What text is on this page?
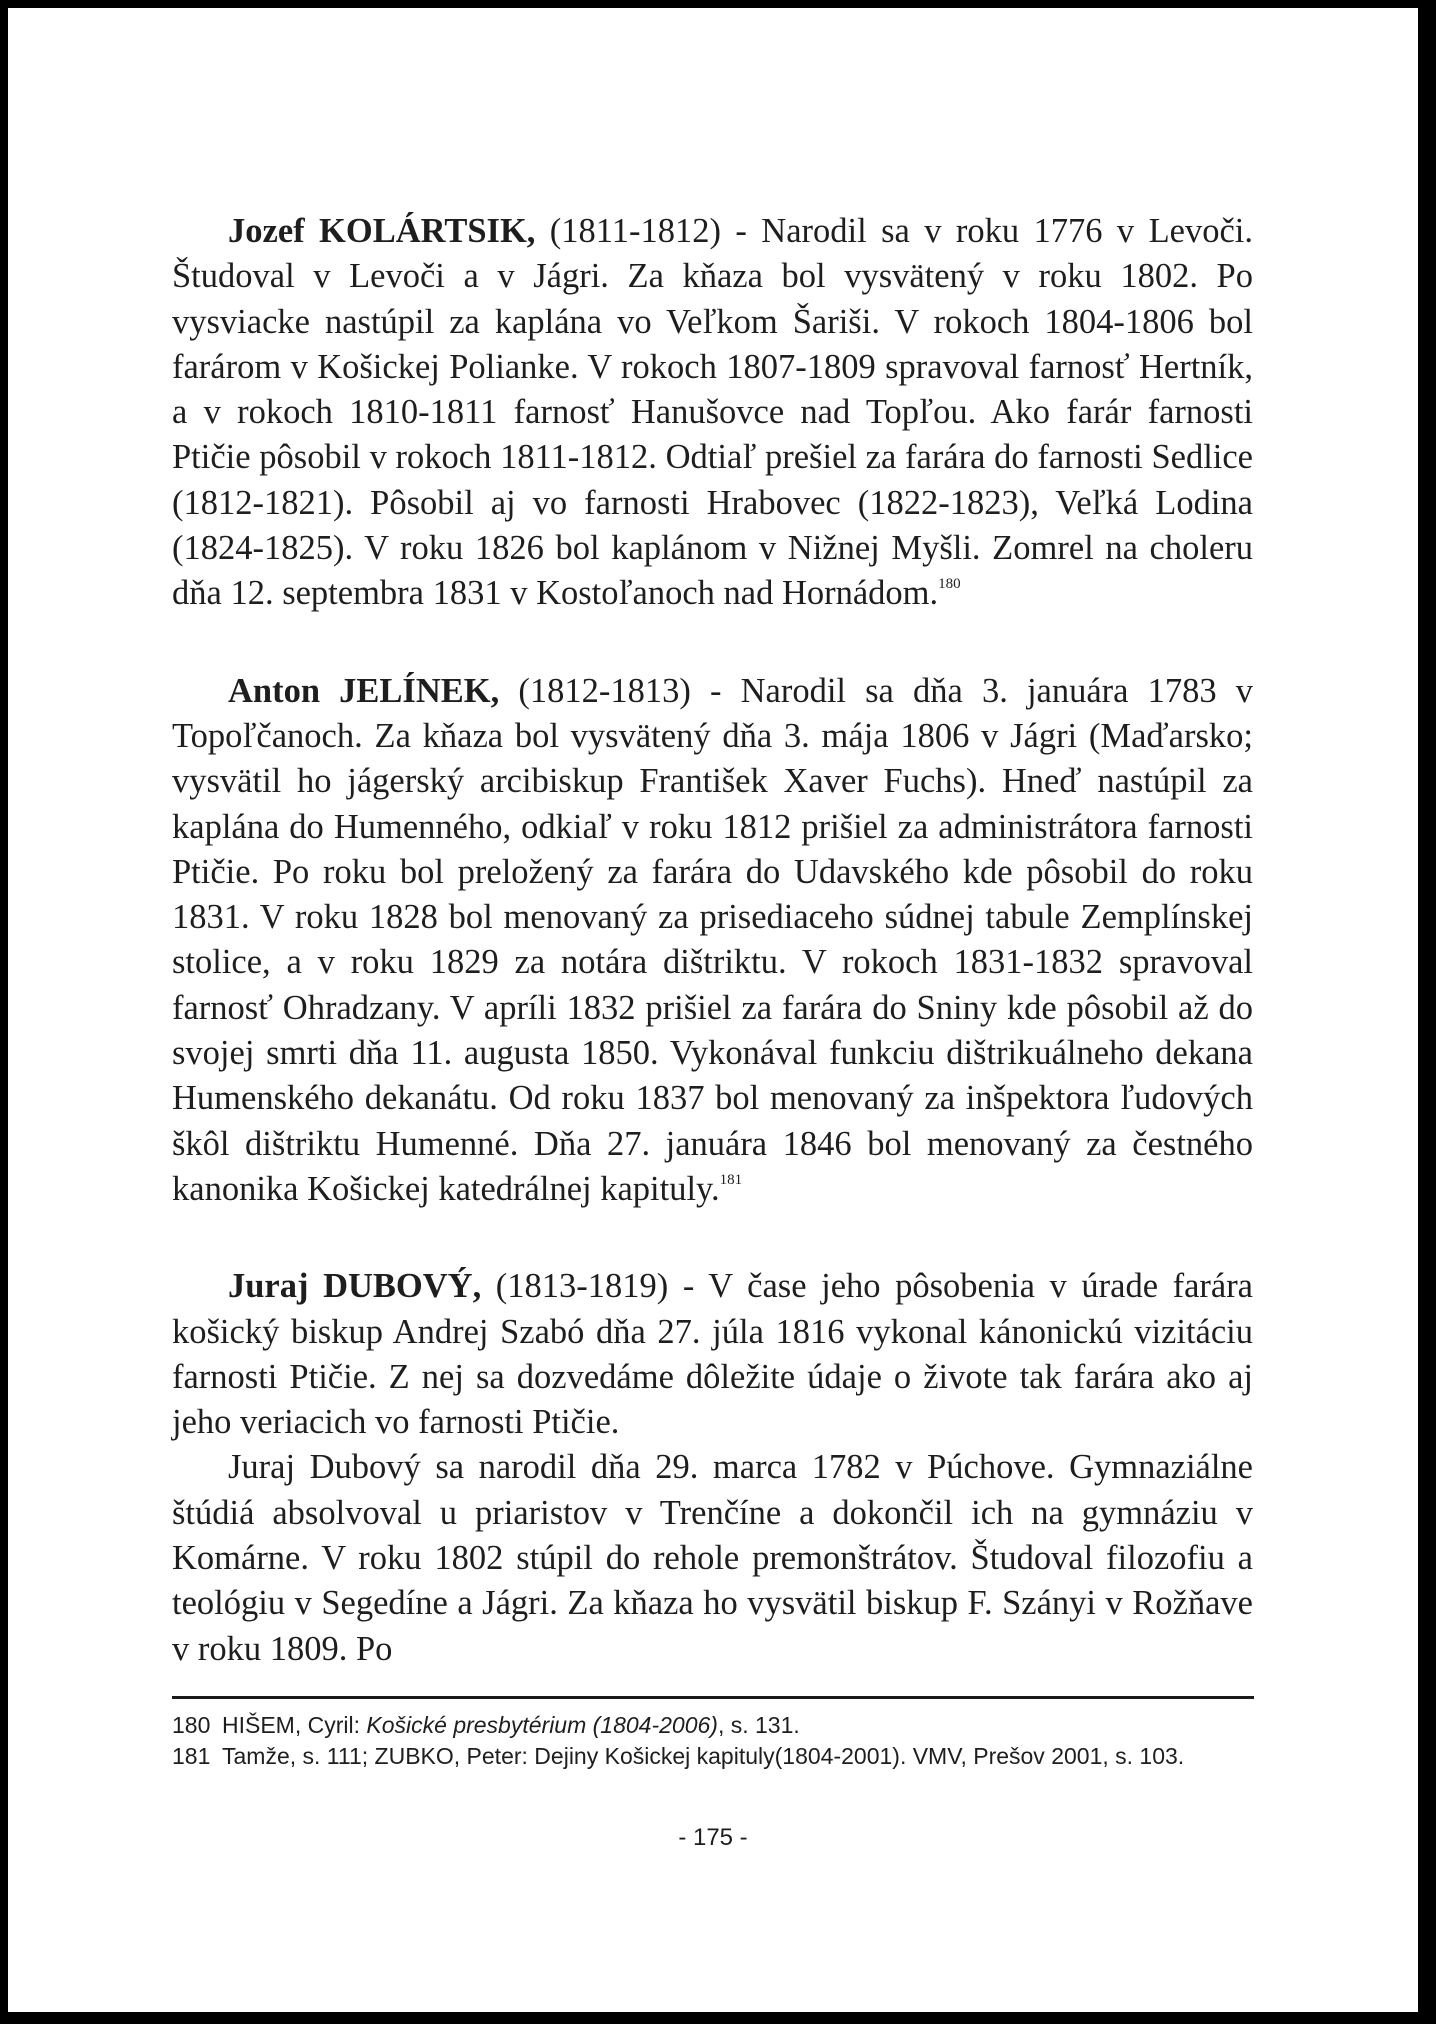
Jozef KOLÁRTSIK, (1811-1812) - Narodil sa v roku 1776 v Levoči. Študoval v Levoči a v Jágri. Za kňaza bol vysvätený v roku 1802. Po vysviacke nastúpil za kaplána vo Veľkom Šariši. V rokoch 1804-1806 bol farárom v Košickej Polianke. V rokoch 1807-1809 spravoval farnosť Hertník, a v rokoch 1810-1811 farnosť Hanušovce nad Topľou. Ako farár farnosti Ptičie pôsobil v rokoch 1811-1812. Odtiaľ prešiel za farára do farnosti Sedlice (1812-1821). Pôsobil aj vo farnosti Hrabovec (1822-1823), Veľká Lodina (1824-1825). V roku 1826 bol kaplánom v Nižnej Myšli. Zomrel na choleru dňa 12. septembra 1831 v Kostoľanoch nad Hornádom.$^{180}$

Anton JELÍNEK, (1812-1813) - Narodil sa dňa 3. januára 1783 v Topoľčanoch. Za kňaza bol vysvätený dňa 3. mája 1806 v Jágri (Maďarsko; vysvätil ho jágerský arcibiskup František Xaver Fuchs). Hneď nastúpil za kaplána do Humenného, odkiaľ v roku 1812 prišiel za administrátora farnosti Ptičie. Po roku bol preložený za farára do Udavského kde pôsobil do roku 1831. V roku 1828 bol menovaný za prisediaceho súdnej tabule Zemplínskej stolice, a v roku 1829 za notára dištriktu. V rokoch 1831-1832 spravoval farnosť Ohradzany. V apríli 1832 prišiel za farára do Sniny kde pôsobil až do svojej smrti dňa 11. augusta 1850. Vykonával funkciu dištrikuálneho dekana Humenského dekanátu. Od roku 1837 bol menovaný za inšpektora ľudových škôl dištriktu Humenné. Dňa 27. januára 1846 bol menovaný za čestného kanonika Košickej katedrálnej kapituly.$^{181}$

Juraj DUBOVÝ, (1813-1819) - V čase jeho pôsobenia v úrade farára košický biskup Andrej Szabó dňa 27. júla 1816 vykonal kánonickú vizitáciu farnosti Ptičie. Z nej sa dozvedáme dôležite údaje o živote tak farára ako aj jeho veriacich vo farnosti Ptičie.

Juraj Dubový sa narodil dňa 29. marca 1782 v Púchove. Gymnaziálne štúdiá absolvoval u priaristov v Trenčíne a dokončil ich na gymnáziu v Komárne. V roku 1802 stúpil do rehole premonštrátov. Študoval filozofiu a teológiu v Segedíne a Jágri. Za kňaza ho vysvätil biskup F. Szányi v Rožňave v roku 1809. Po

180 HIŠEM, Cyril: Košické presbytérium (1804-2006), s. 131.

181 Tamže, s. 111; ZUBKO, Peter: Dejiny Košickej kapituly(1804-2001). VMV, Prešov 2001, s. 103.

- 175 -
